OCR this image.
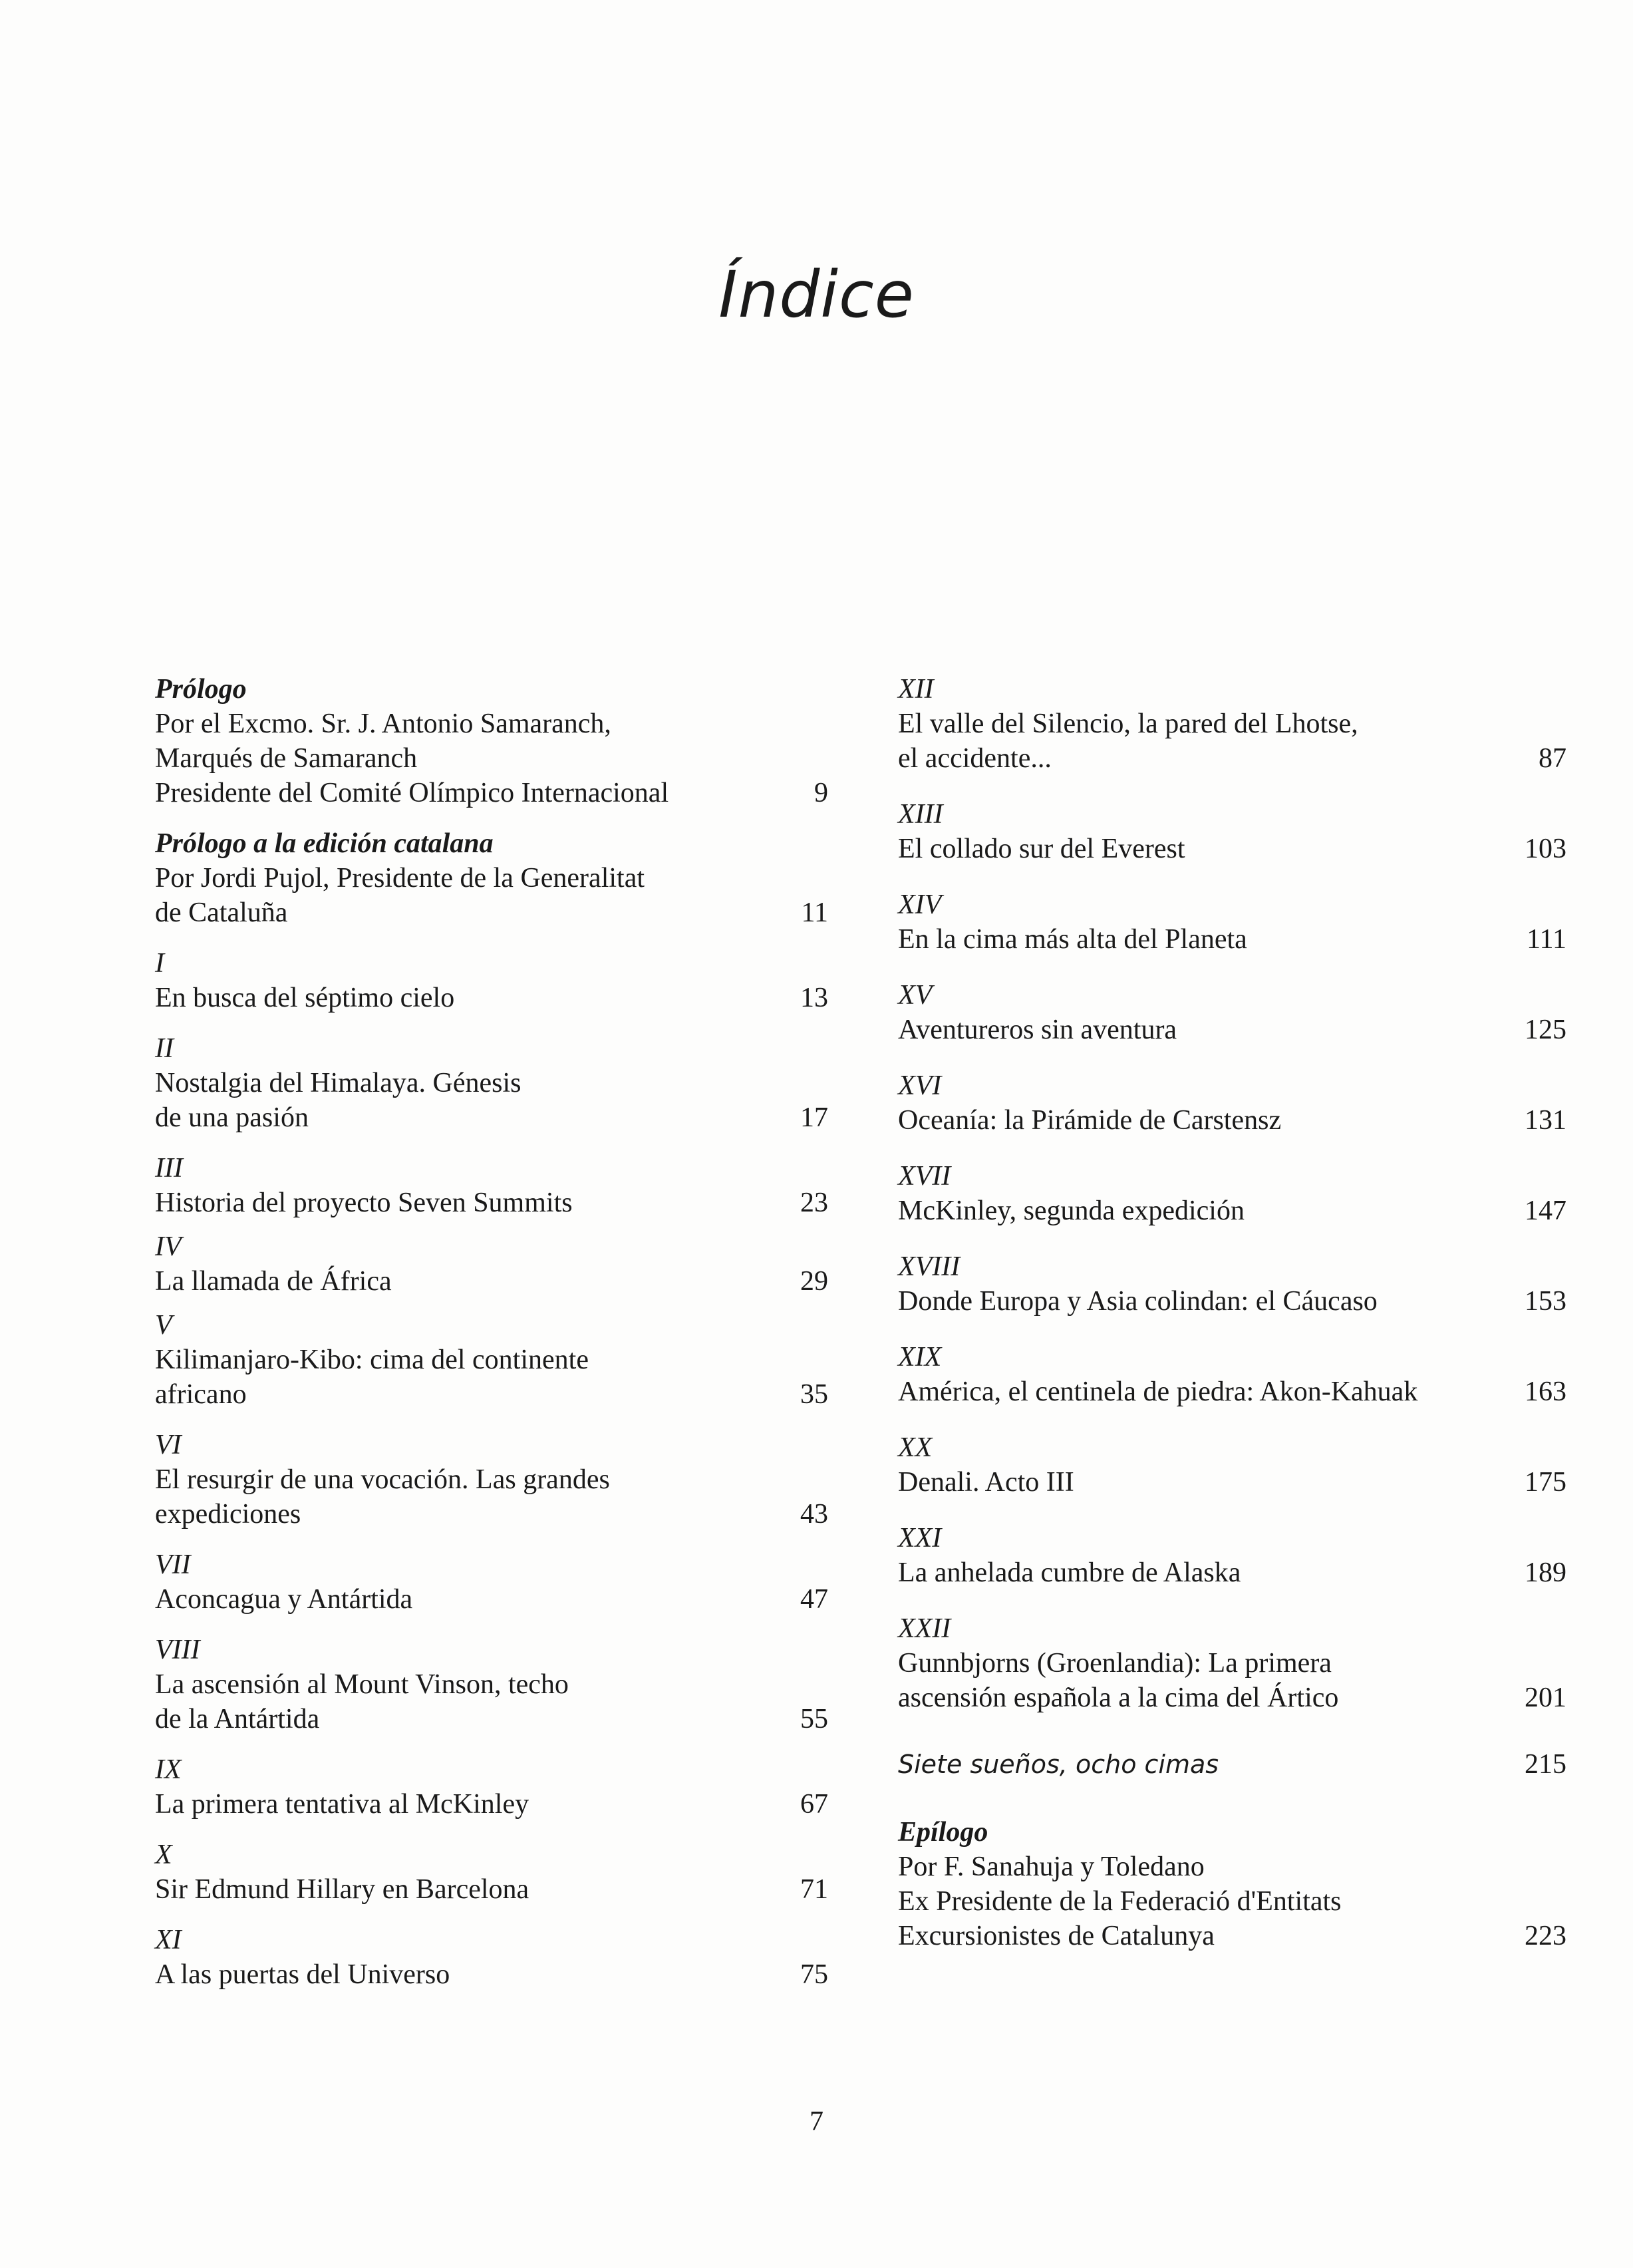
Índice
Prólogo
Por el Excmo. Sr. J. Antonio Samaranch,
Marqués de Samaranch
Presidente del Comité Olímpico Internacional	9
Prólogo a la edición catalana
Por Jordi Pujol, Presidente de la Generalitat
de Cataluña	11
I
En busca del séptimo cielo	13
II
Nostalgia del Himalaya. Génesis
de una pasión	17
III
Historia del proyecto Seven Summits	23
IV
La llamada de África	29
V
Kilimanjaro-Kibo: cima del continente
africano	35
VI
El resurgir de una vocación. Las grandes
expediciones	43
VII
Aconcagua y Antártida	47
VIII
La ascensión al Mount Vinson, techo
de la Antártida	55
IX
La primera tentativa al McKinley	67
X
Sir Edmund Hillary en Barcelona	71
XI
A las puertas del Universo	75
XII
El valle del Silencio, la pared del Lhotse,
el accidente...	87
XIII
El collado sur del Everest	103
XIV
En la cima más alta del Planeta	111
XV
Aventureros sin aventura	125
XVI
Oceanía: la Pirámide de Carstensz	131
XVII
McKinley, segunda expedición	147
XVIII
Donde Europa y Asia colindan: el Cáucaso	153
XIX
América, el centinela de piedra: Akon-Kahuak	163
XX
Denali. Acto III	175
XXI
La anhelada cumbre de Alaska	189
XXII
Gunnbjorns (Groenlandia): La primera
ascensión española a la cima del Ártico	201
Siete sueños, ocho cimas	215
Epílogo
Por F. Sanahuja y Toledano
Ex Presidente de la Federació d'Entitats
Excursionistes de Catalunya	223
7
